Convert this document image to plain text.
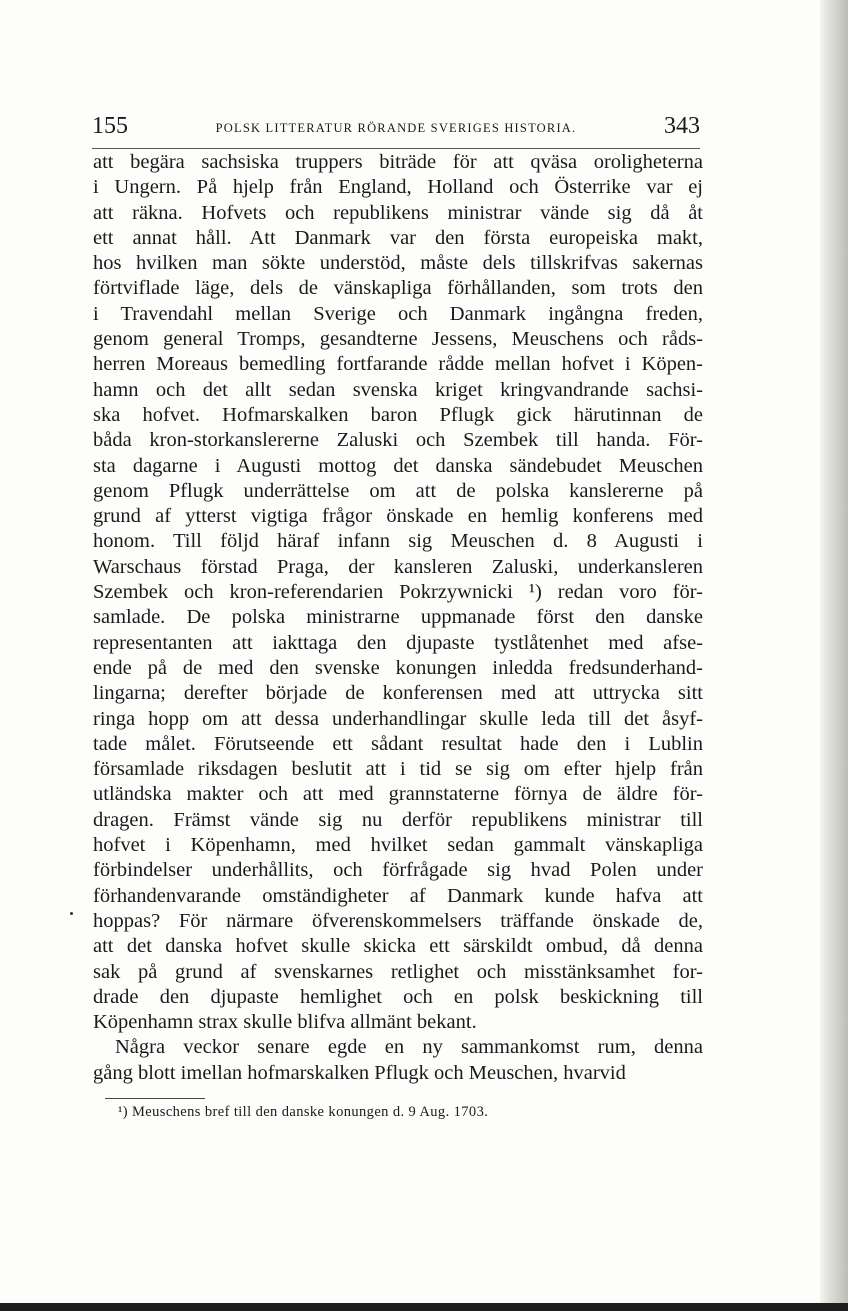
155	POLSK LITTERATUR RÖRANDE SVERIGES HISTORIA.	343
att begära sachsiska truppers biträde för att qväsa oroligheterna
i Ungern. På hjelp från England, Holland och Österrike var ej
att räkna. Hofvets och republikens ministrar vände sig då åt
ett annat håll. Att Danmark var den första europeiska makt,
hos hvilken man sökte understöd, måste dels tillskrifvas sakernas
förtviflade läge, dels de vänskapliga förhållanden, som trots den
i Travendahl mellan Sverige och Danmark ingångna freden,
genom general Tromps, gesandterne Jessens, Meuschens och råds-
herren Moreaus bemedling fortfarande rådde mellan hofvet i Köpen-
hamn och det allt sedan svenska kriget kringvandrande sachsi-
ska hofvet. Hofmarskalken baron Pflugk gick härutinnan de
båda kron-storkanslererne Zaluski och Szembek till handa. För-
sta dagarne i Augusti mottog det danska sändebudet Meuschen
genom Pflugk underrättelse om att de polska kanslererne på
grund af ytterst vigtiga frågor önskade en hemlig konferens med
honom. Till följd häraf infann sig Meuschen d. 8 Augusti i
Warschaus förstad Praga, der kansleren Zaluski, underkansleren
Szembek och kron-referendarien Pokrzywnicki ¹) redan voro för-
samlade. De polska ministrarne uppmanade först den danske
representanten att iakttaga den djupaste tystlåtenhet med afse-
ende på de med den svenske konungen inledda fredsunderhand-
lingarna; derefter började de konferensen med att uttrycka sitt
ringa hopp om att dessa underhandlingar skulle leda till det åsyf-
tade målet. Förutseende ett sådant resultat hade den i Lublin
församlade riksdagen beslutit att i tid se sig om efter hjelp från
utländska makter och att med grannstaterne förnya de äldre för-
dragen. Främst vände sig nu derför republikens ministrar till
hofvet i Köpenhamn, med hvilket sedan gammalt vänskapliga
förbindelser underhållits, och förfrågade sig hvad Polen under
förhandenvarande omständigheter af Danmark kunde hafva att
hoppas? För närmare öfverenskommelsers träffande önskade de,
att det danska hofvet skulle skicka ett särskildt ombud, då denna
sak på grund af svenskarnes retlighet och misstänksamhet for-
drade den djupaste hemlighet och en polsk beskickning till
Köpenhamn strax skulle blifva allmänt bekant.
Några veckor senare egde en ny sammankomst rum, denna
gång blott imellan hofmarskalken Pflugk och Meuschen, hvarvid
¹) Meuschens bref till den danske konungen d. 9 Aug. 1703.
